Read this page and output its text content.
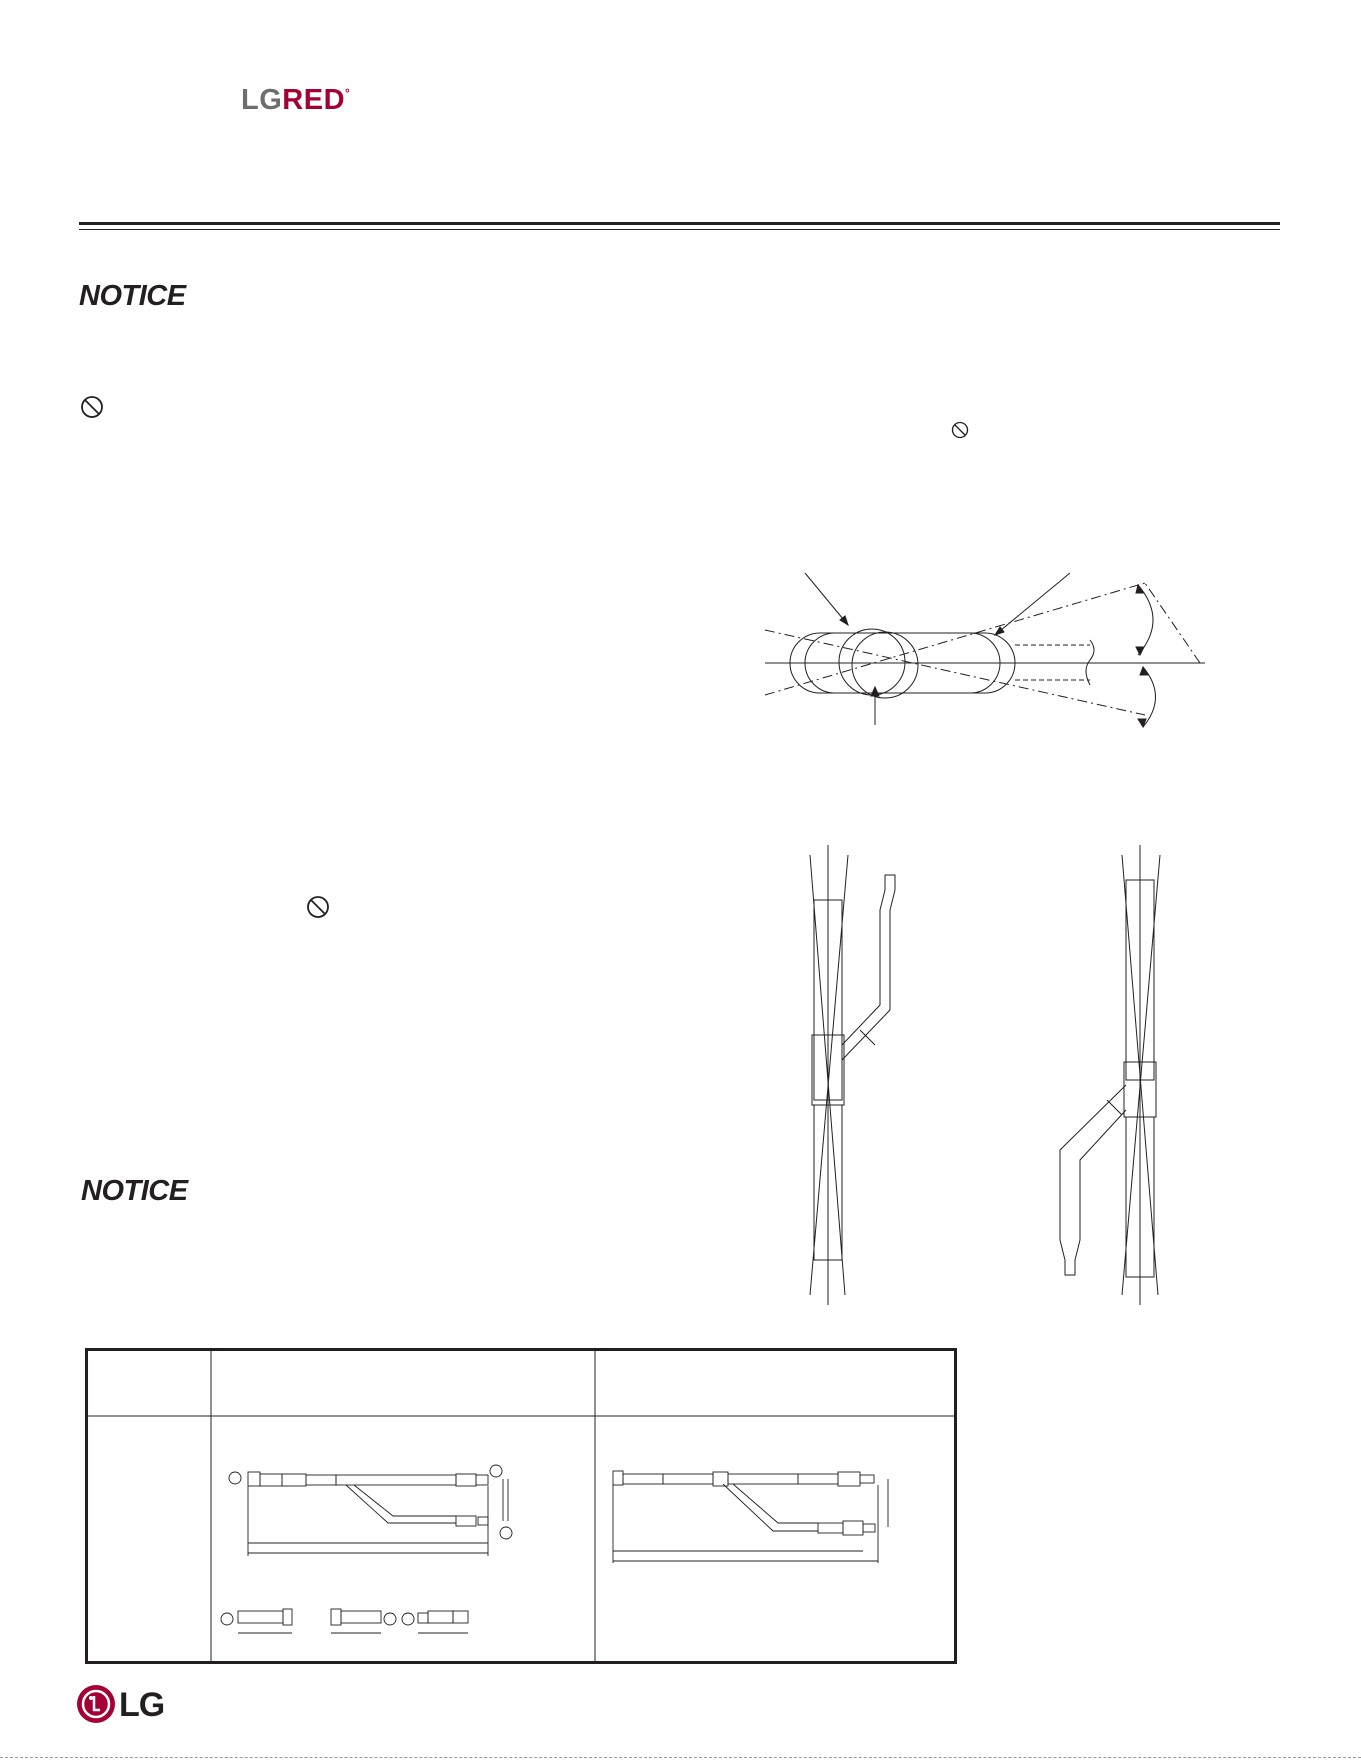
LGRED°
NOTICE
NOTICE
LG
